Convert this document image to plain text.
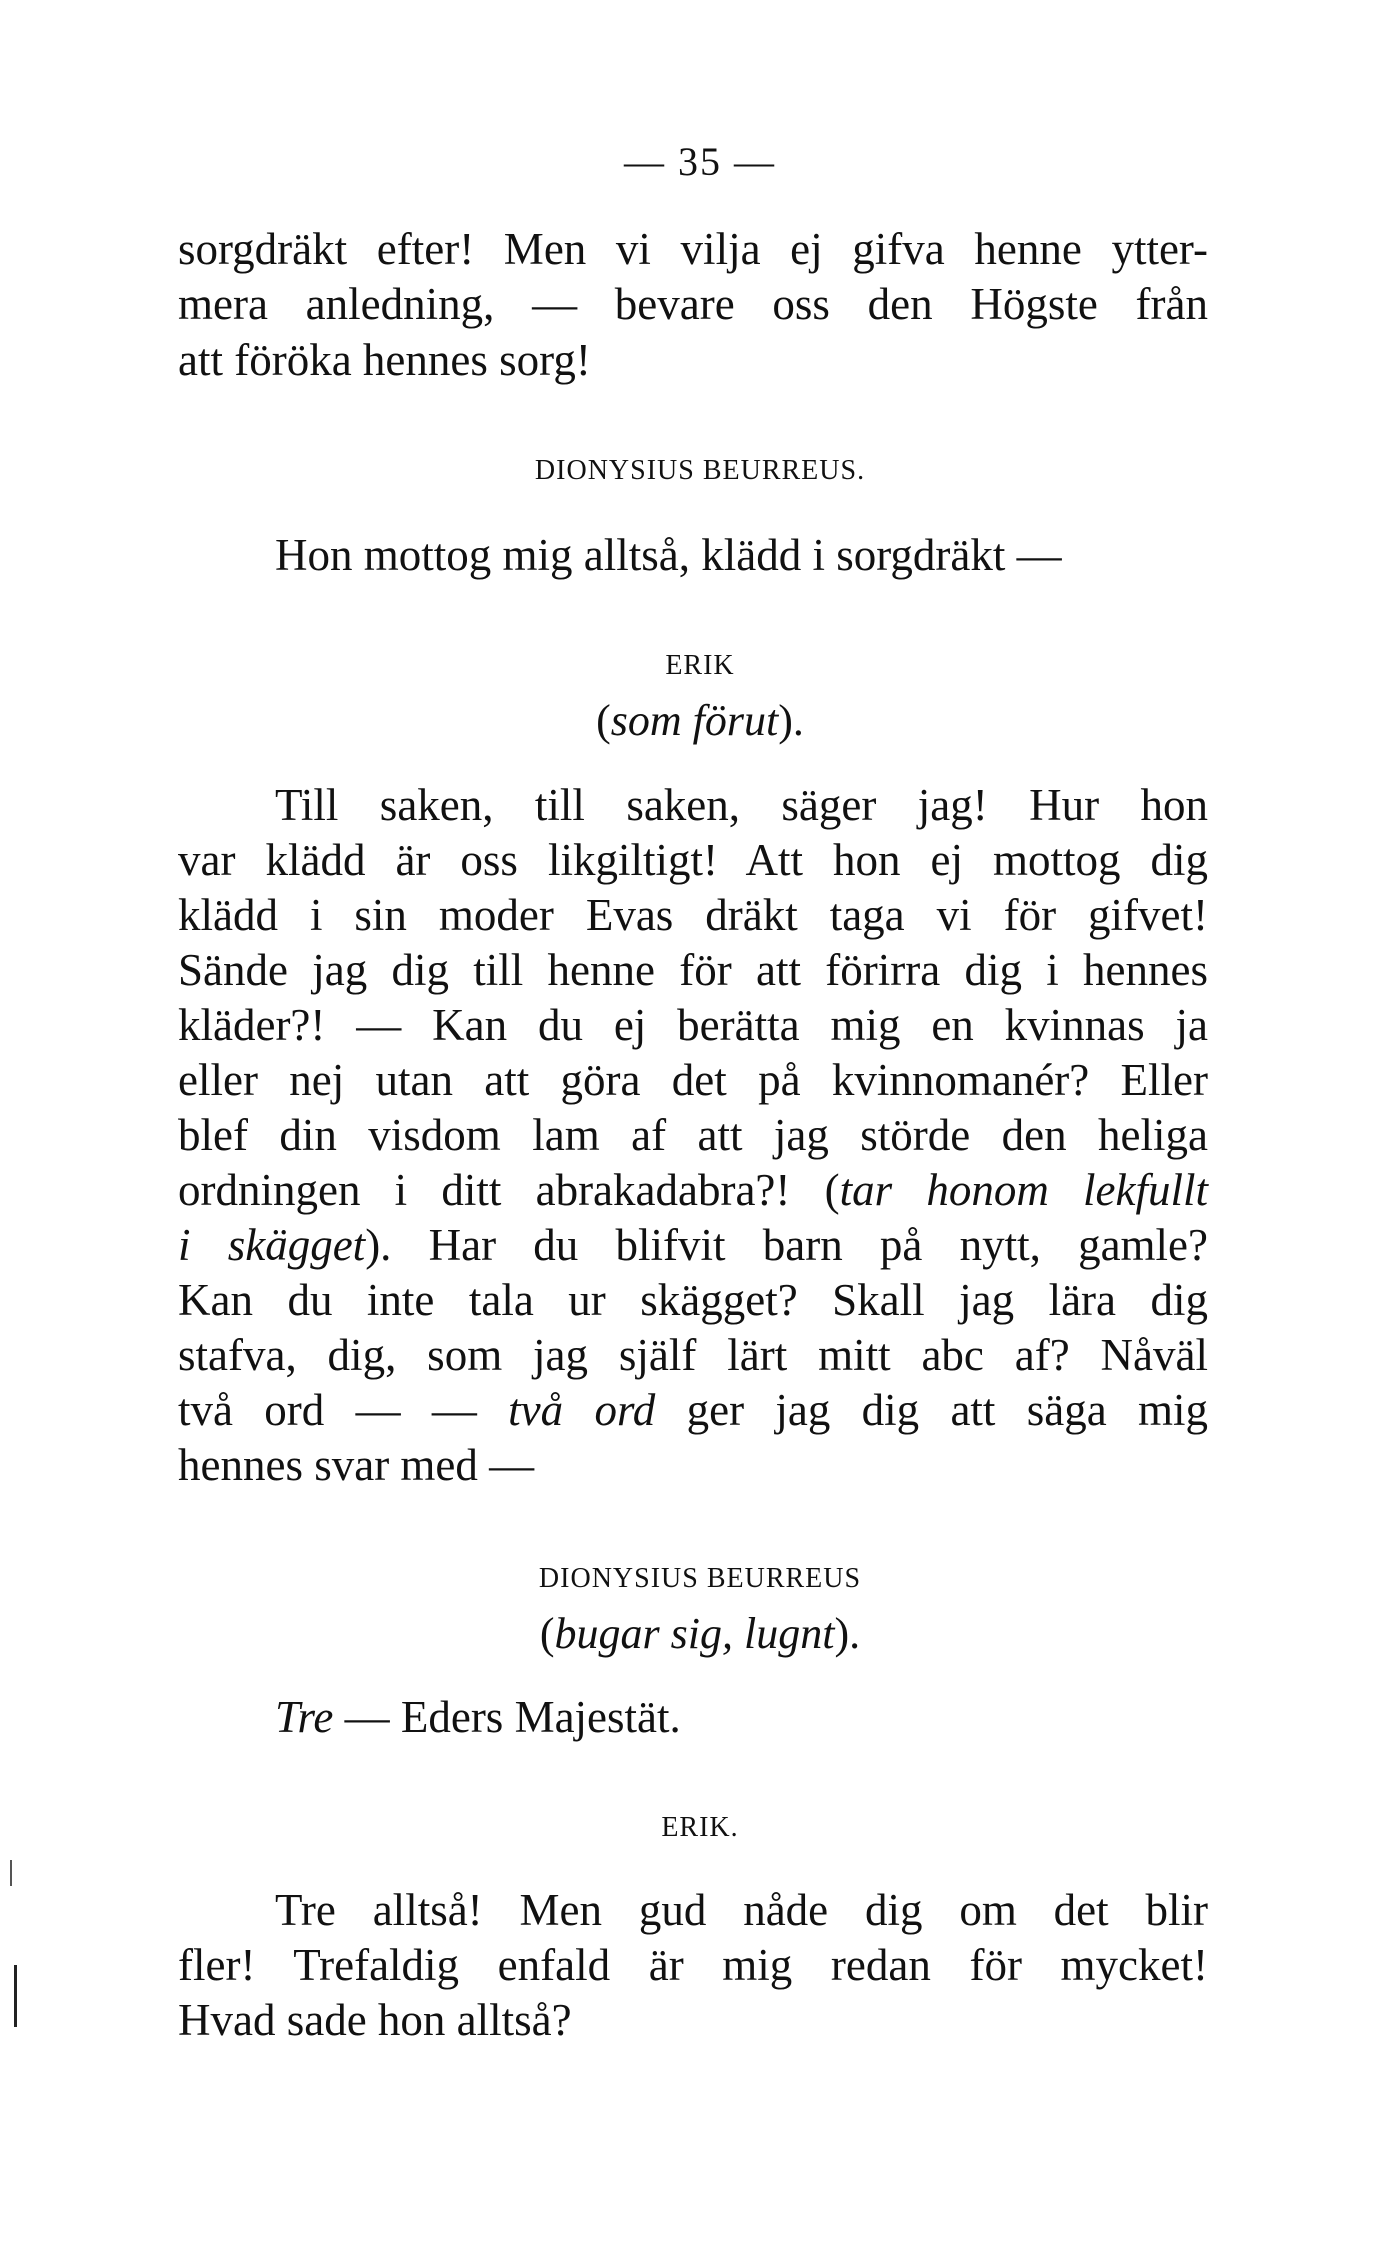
— 35 —
sorgdräkt efter! Men vi vilja ej gifva henne ytter-
mera anledning, — bevare oss den Högste från
att föröka hennes sorg!
DIONYSIUS BEURREUS.
Hon mottog mig alltså, klädd i sorgdräkt —
ERIK
(som förut).
Till saken, till saken, säger jag! Hur hon
var klädd är oss likgiltigt! Att hon ej mottog dig
klädd i sin moder Evas dräkt taga vi för gifvet!
Sände jag dig till henne för att förirra dig i hennes
kläder?! — Kan du ej berätta mig en kvinnas ja
eller nej utan att göra det på kvinnomanér? Eller
blef din visdom lam af att jag störde den heliga
ordningen i ditt abrakadabra?! (tar honom lekfullt
i skägget). Har du blifvit barn på nytt, gamle?
Kan du inte tala ur skägget? Skall jag lära dig
stafva, dig, som jag själf lärt mitt abc af? Nåväl
två ord — — två ord ger jag dig att säga mig
hennes svar med —
DIONYSIUS BEURREUS
(bugar sig, lugnt).
Tre — Eders Majestät.
ERIK.
Tre alltså! Men gud nåde dig om det blir
fler! Trefaldig enfald är mig redan för mycket!
Hvad sade hon alltså?
